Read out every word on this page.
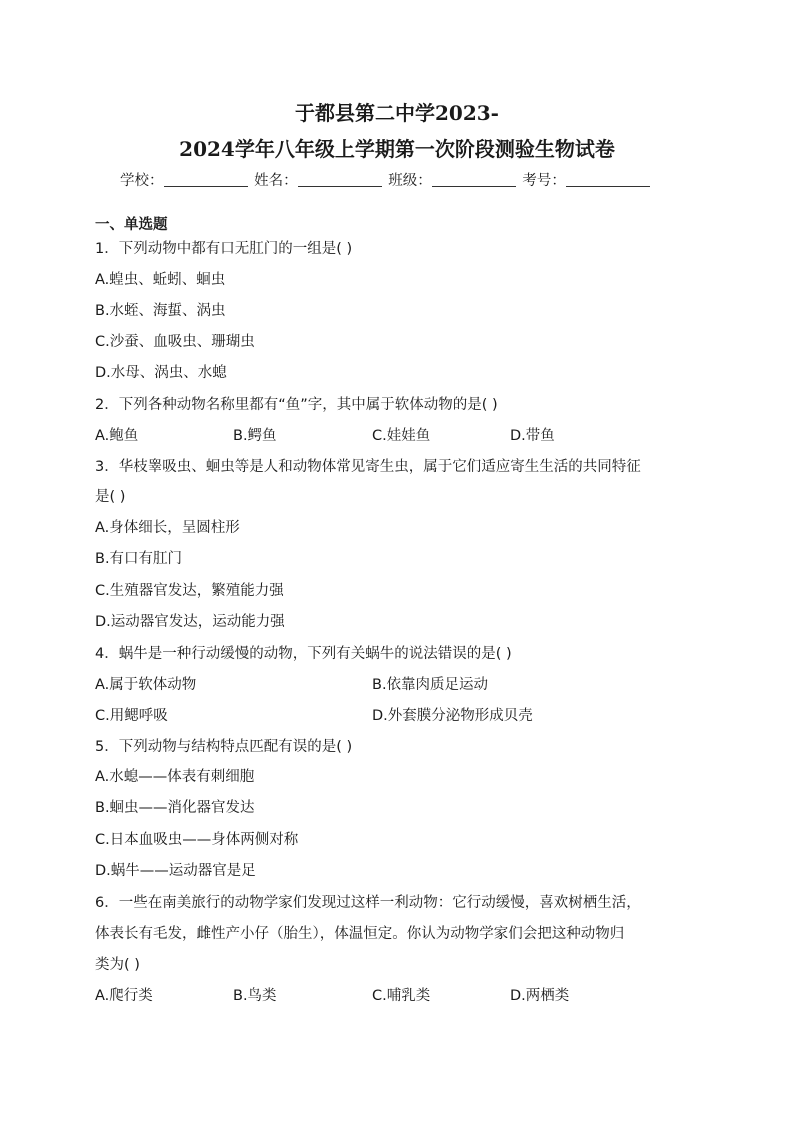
于都县第二中学2023-
2024学年八年级上学期第一次阶段测验生物试卷
学校：	姓名：	班级：	考号：
一、单选题
1．下列动物中都有口无肛门的一组是( )
A.蝗虫、蚯蚓、蛔虫
B.水蛭、海蜇、涡虫
C.沙蚕、血吸虫、珊瑚虫
D.水母、涡虫、水螅
2．下列各种动物名称里都有“鱼”字，其中属于软体动物的是( )
A.鲍鱼	B.鳄鱼	C.娃娃鱼	D.带鱼
3．华枝睾吸虫、蛔虫等是人和动物体常见寄生虫，属于它们适应寄生生活的共同特征
是( )
A.身体细长，呈圆柱形
B.有口有肛门
C.生殖器官发达，繁殖能力强
D.运动器官发达，运动能力强
4．蜗牛是一种行动缓慢的动物，下列有关蜗牛的说法错误的是( )
A.属于软体动物	B.依靠肉质足运动
C.用鳃呼吸	D.外套膜分泌物形成贝壳
5．下列动物与结构特点匹配有误的是( )
A.水螅——体表有刺细胞
B.蛔虫——消化器官发达
C.日本血吸虫——身体两侧对称
D.蜗牛——运动器官是足
6．一些在南美旅行的动物学家们发现过这样一利动物：它行动缓慢，喜欢树栖生活，
体表长有毛发，雌性产小仔（胎生），体温恒定。你认为动物学家们会把这种动物归
类为( )
A.爬行类	B.鸟类	C.哺乳类	D.两栖类
